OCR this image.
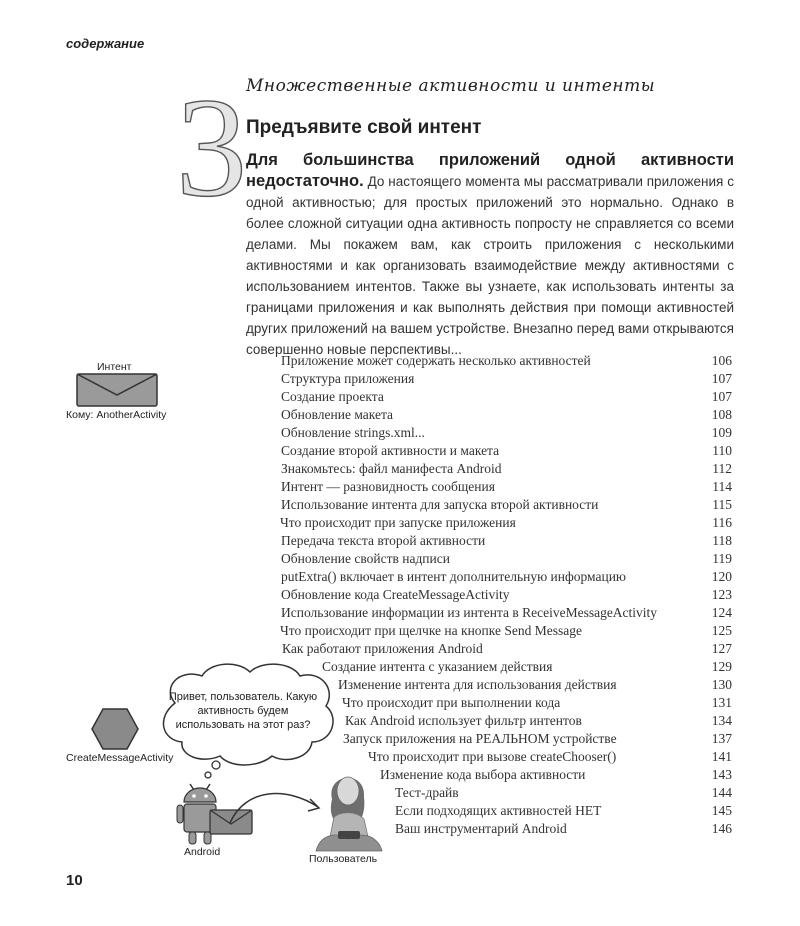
содержание
3 Множественные активности и интенты
Предъявите свой интент
Для большинства приложений одной активности недостаточно. До настоящего момента мы рассматривали приложения с одной активностью; для простых приложений это нормально. Однако в более сложной ситуации одна активность попросту не справляется со всеми делами. Мы покажем вам, как строить приложения с несколькими активностями и как организовать взаимодействие между активностями с использованием интентов. Также вы узнаете, как использовать интенты за границами приложения и как выполнять действия при помощи активностей других приложений на вашем устройстве. Внезапно перед вами открываются совершенно новые перспективы...
Интент
Кому: AnotherActivity
CreateMessageActivity
Привет, пользователь. Какую активность будем использовать на этот раз?
Android
Пользователь
Приложение может содержать несколько активностей	106
Структура приложения	107
Создание проекта	107
Обновление макета	108
Обновление strings.xml...	109
Создание второй активности и макета	110
Знакомьтесь: файл манифеста Android	112
Интент — разновидность сообщения	114
Использование интента для запуска второй активности	115
Что происходит при запуске приложения	116
Передача текста второй активности	118
Обновление свойств надписи	119
putExtra() включает в интент дополнительную информацию	120
Обновление кода CreateMessageActivity	123
Использование информации из интента в ReceiveMessageActivity	124
Что происходит при щелчке на кнопке Send Message	125
Как работают приложения Android	127
Создание интента с указанием действия	129
Изменение интента для использования действия	130
Что происходит при выполнении кода	131
Как Android использует фильтр интентов	134
Запуск приложения на РЕАЛЬНОМ устройстве	137
Что происходит при вызове createChooser()	141
Изменение кода выбора активности	143
Тест-драйв	144
Если подходящих активностей НЕТ	145
Ваш инструментарий Android	146
10
